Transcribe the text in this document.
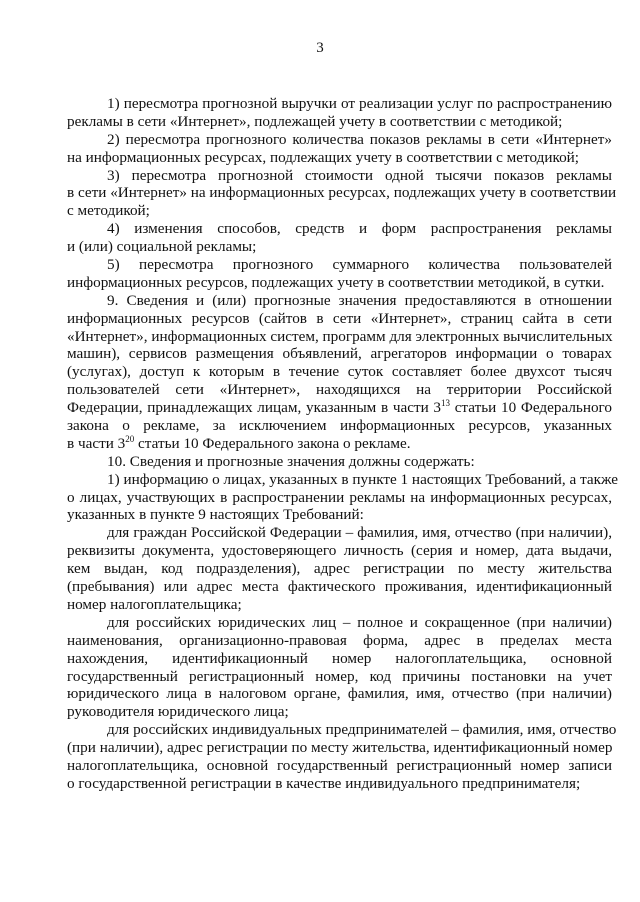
3
1) пересмотра прогнозной выручки от реализации услуг по распространению
рекламы в сети «Интернет», подлежащей учету в соответствии с методикой;
2) пересмотра прогнозного количества показов рекламы в сети «Интернет»
на информационных ресурсах, подлежащих учету в соответствии с методикой;
3) пересмотра прогнозной стоимости одной тысячи показов рекламы
в сети «Интернет» на информационных ресурсах, подлежащих учету в соответствии
с методикой;
4) изменения способов, средств и форм распространения рекламы
и (или) социальной рекламы;
5) пересмотра прогнозного суммарного количества пользователей
информационных ресурсов, подлежащих учету в соответствии методикой, в сутки.
9. Сведения и (или) прогнозные значения предоставляются в отношении
информационных ресурсов (сайтов в сети «Интернет», страниц сайта в сети
«Интернет», информационных систем, программ для электронных вычислительных
машин), сервисов размещения объявлений, агрегаторов информации о товарах
(услугах), доступ к которым в течение суток составляет более двухсот тысяч
пользователей сети «Интернет», находящихся на территории Российской
Федерации, принадлежащих лицам, указанным в части $3^{13}$ статьи 10 Федерального
закона о рекламе, за исключением информационных ресурсов, указанных
в части $3^{20}$ статьи 10 Федерального закона о рекламе.
10. Сведения и прогнозные значения должны содержать:
1) информацию о лицах, указанных в пункте 1 настоящих Требований, а также
о лицах, участвующих в распространении рекламы на информационных ресурсах,
указанных в пункте 9 настоящих Требований:
для граждан Российской Федерации – фамилия, имя, отчество (при наличии),
реквизиты документа, удостоверяющего личность (серия и номер, дата выдачи,
кем выдан, код подразделения), адрес регистрации по месту жительства
(пребывания) или адрес места фактического проживания, идентификационный
номер налогоплательщика;
для российских юридических лиц – полное и сокращенное (при наличии)
наименования, организационно-правовая форма, адрес в пределах места
нахождения, идентификационный номер налогоплательщика, основной
государственный регистрационный номер, код причины постановки на учет
юридического лица в налоговом органе, фамилия, имя, отчество (при наличии)
руководителя юридического лица;
для российских индивидуальных предпринимателей – фамилия, имя, отчество
(при наличии), адрес регистрации по месту жительства, идентификационный номер
налогоплательщика, основной государственный регистрационный номер записи
о государственной регистрации в качестве индивидуального предпринимателя;
